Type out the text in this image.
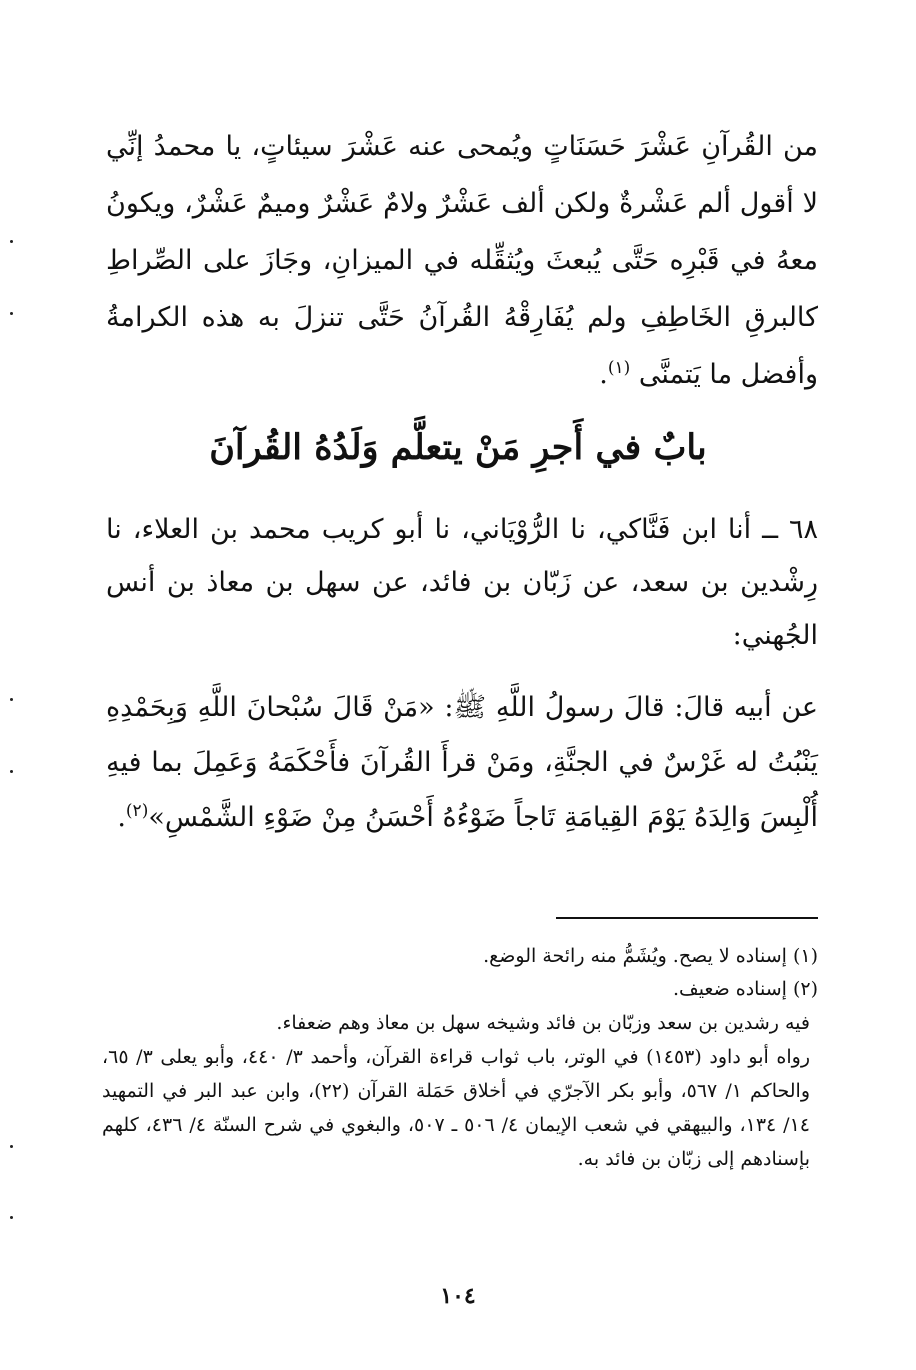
من القُرآنِ عَشْرَ حَسَنَاتٍ ويُمحى عنه عَشْرَ سيئاتٍ، يا محمدُ إنِّي لا أقول ألم عَشْرةٌ ولكن ألف عَشْرٌ ولامٌ عَشْرٌ وميمٌ عَشْرٌ، ويكونُ معهُ في قَبْرِه حَتَّى يُبعثَ ويُثقِّله في الميزانِ، وجَازَ على الصِّراطِ كالبرقِ الخَاطِفِ ولم يُفَارِقْهُ القُرآنُ حَتَّى تنزلَ به هذه الكرامةُ وأفضل ما يَتمنَّى $^{(١)}$.
بابٌ في أَجرِ مَنْ يتعلَّم وَلَدُهُ القُرآنَ
٦٨ ــ أنا ابن فَنَّاكي، نا الرُّوْيَاني، نا أبو كريب محمد بن العلاء، نا رِشْدين بن سعد، عن زَبّان بن فائد، عن سهل بن معاذ بن أنس الجُهني:
عن أبيه قالَ: قالَ رسولُ اللَّهِ ﷺ: «مَنْ قَالَ سُبْحانَ اللَّهِ وَبِحَمْدِهِ يَنْبُتُ له غَرْسٌ في الجنَّةِ، ومَنْ قرأَ القُرآنَ فأَحْكَمَهُ وَعَمِلَ بما فيهِ أُلْبِسَ وَالِدَهُ يَوْمَ القِيامَةِ تَاجاً ضَوْءُهُ أَحْسَنُ مِنْ ضَوْءِ الشَّمْسِ»$^{(٢)}$.
(١) إسناده لا يصح. ويُشَمُّ منه رائحة الوضع.
(٢) إسناده ضعيف.
فيه رشدين بن سعد وزبّان بن فائد وشيخه سهل بن معاذ وهم ضعفاء.
رواه أبو داود (١٤٥٣) في الوتر، باب ثواب قراءة القرآن، وأحمد ٣/ ٤٤٠، وأبو يعلى ٣/ ٦٥، والحاكم ١/ ٥٦٧، وأبو بكر الآجرّي في أخلاق حَمَلة القرآن (٢٢)، وابن عبد البر في التمهيد ١٤/ ١٣٤، والبيهقي في شعب الإيمان ٤/ ٥٠٦ ـ ٥٠٧، والبغوي في شرح السنّة ٤/ ٤٣٦، كلهم بإسنادهم إلى زبّان بن فائد به.
١٠٤
